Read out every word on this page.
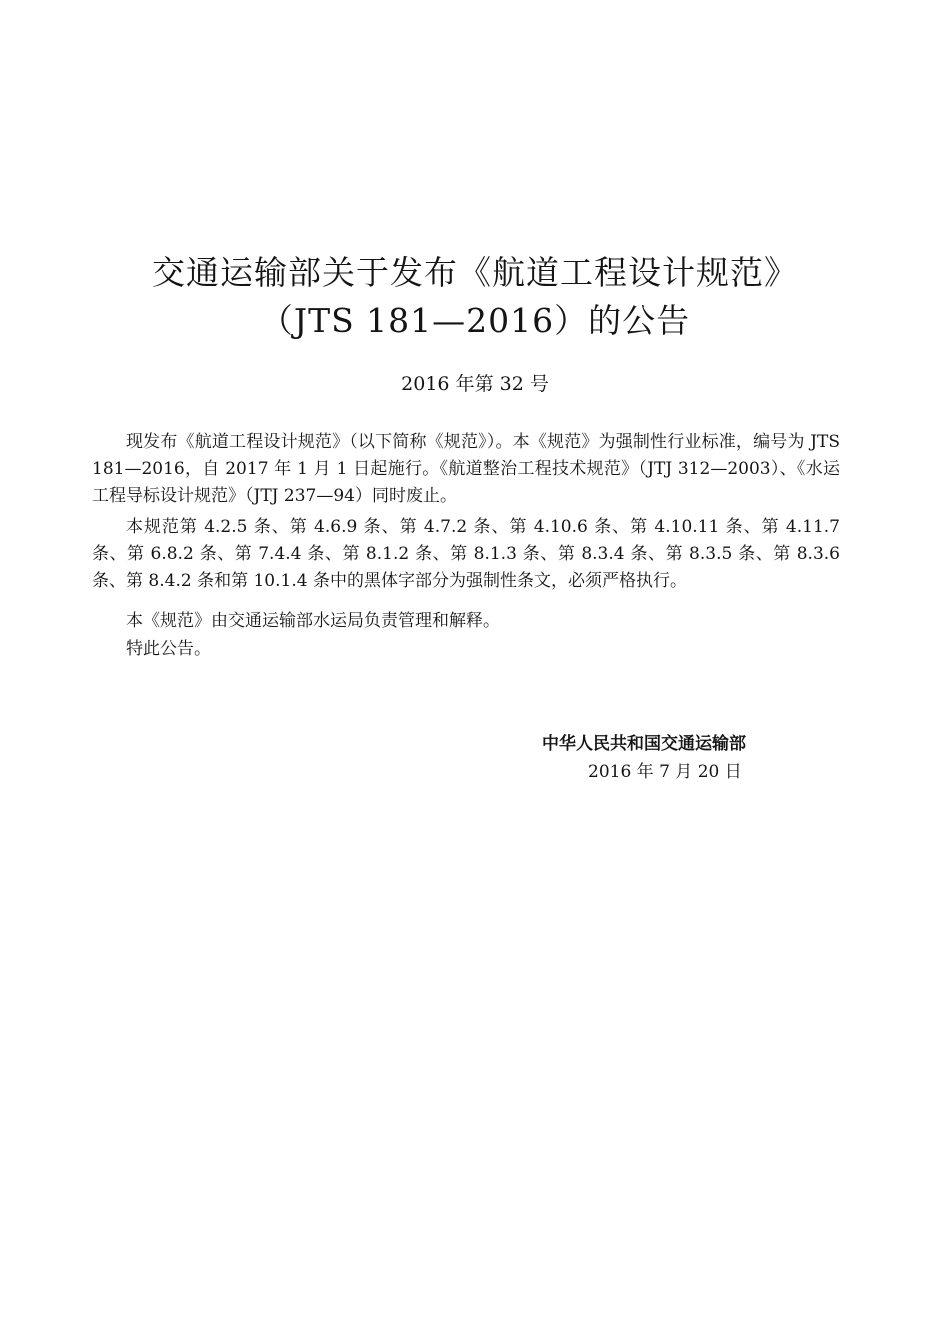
交通运输部关于发布《航道工程设计规范》
（JTS 181—2016）的公告
2016 年第 32 号
现发布《航道工程设计规范》（以下简称《规范》）。本《规范》为强制性行业标准，编号为 JTS 181—2016，自 2017 年 1 月 1 日起施行。《航道整治工程技术规范》（JTJ 312—2003）、《水运工程导标设计规范》（JTJ 237—94）同时废止。
本规范第 4.2.5 条、第 4.6.9 条、第 4.7.2 条、第 4.10.6 条、第 4.10.11 条、第 4.11.7 条、第 6.8.2 条、第 7.4.4 条、第 8.1.2 条、第 8.1.3 条、第 8.3.4 条、第 8.3.5 条、第 8.3.6 条、第 8.4.2 条和第 10.1.4 条中的黑体字部分为强制性条文，必须严格执行。
本《规范》由交通运输部水运局负责管理和解释。
特此公告。
中华人民共和国交通运输部
2016 年 7 月 20 日
